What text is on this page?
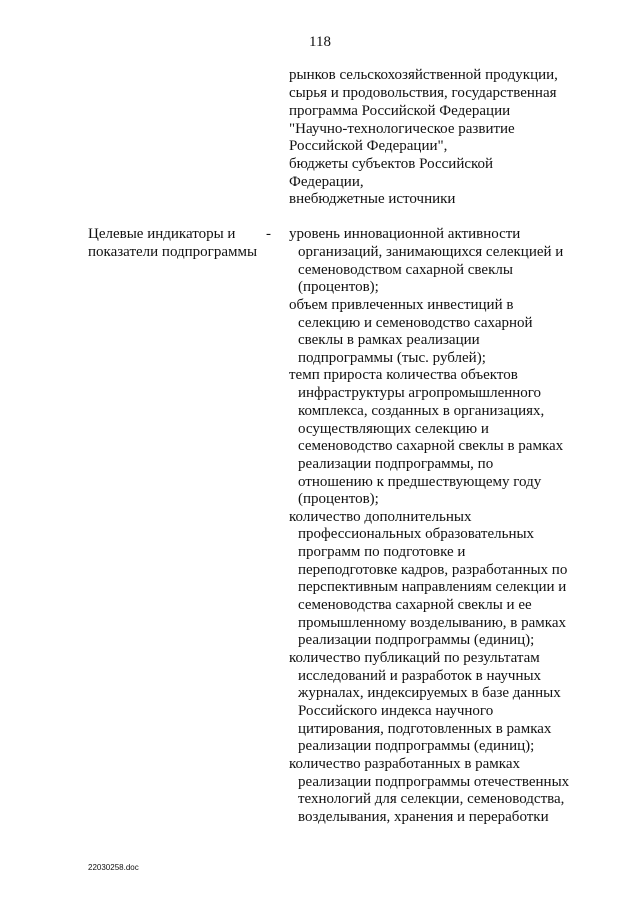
118

рынков сельскохозяйственной продукции,

сырья и продовольствия, государственная

программа Российской Федерации

"Научно-технологическое развитие

Российской Федерации",

бюджеты субъектов Российской

Федерации,

внебюджетные источники

Целевые индикаторы и

показатели подпрограммы

- уровень инновационной активности

организаций, занимающихся селекцией и

семеноводством сахарной свеклы

(процентов);

объем привлеченных инвестиций в

селекцию и семеноводство сахарной

свеклы в рамках реализации

подпрограммы (тыс. рублей);

темп прироста количества объектов

инфраструктуры агропромышленного

комплекса, созданных в организациях,

осуществляющих селекцию и

семеноводство сахарной свеклы в рамках

реализации подпрограммы, по

отношению к предшествующему году

(процентов);

количество дополнительных

профессиональных образовательных

программ по подготовке и

переподготовке кадров, разработанных по

перспективным направлениям селекции и

семеноводства сахарной свеклы и ее

промышленному возделыванию, в рамках

реализации подпрограммы (единиц);

количество публикаций по результатам

исследований и разработок в научных

журналах, индексируемых в базе данных

Российского индекса научного

цитирования, подготовленных в рамках

реализации подпрограммы (единиц);

количество разработанных в рамках

реализации подпрограммы отечественных

технологий для селекции, семеноводства,

возделывания, хранения и переработки

22030258.doc
